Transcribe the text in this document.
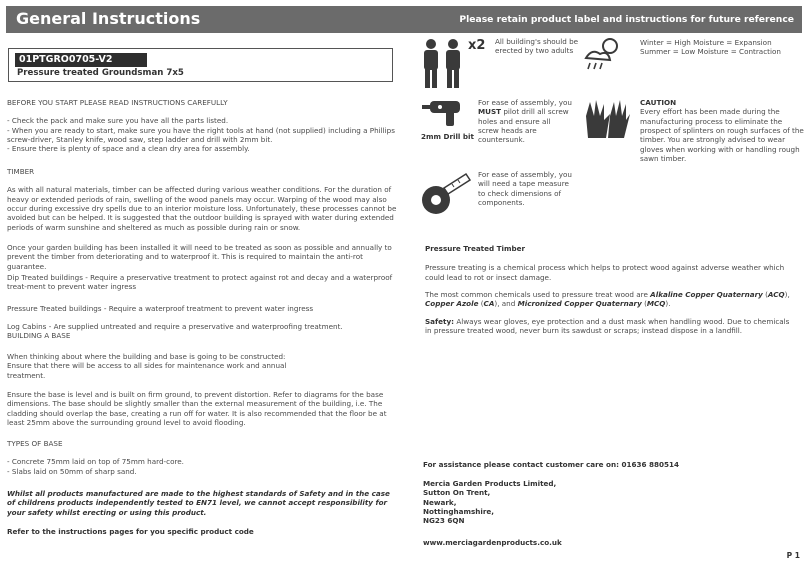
General Instructions	Please retain product label and instructions for future reference
01PTGRO0705-V2
Pressure treated Groundsman 7x5
BEFORE YOU START PLEASE READ INSTRUCTIONS CAREFULLY
- Check the pack and make sure you have all the parts listed.
- When you are ready to start, make sure you have the right tools at hand (not supplied) including a Phillips screw-driver, Stanley knife, wood saw, step ladder and drill with 2mm bit.
- Ensure there is plenty of space and a clean dry area for assembly.
TIMBER

As with all natural materials, timber can be affected during various weather conditions. For the duration of heavy or extended periods of rain, swelling of the wood panels may occur. Warping of the wood may also occur during excessive dry spells due to an interior moisture loss. Unfortunately, these processes cannot be avoided but can be helped. It is suggested that the outdoor building is sprayed with water during extended periods of warm sunshine and sheltered as much as possible during rain or snow.

Once your garden building has been installed it will need to be treated as soon as possible and annually to prevent the timber from deteriorating and to waterproof it. This is required to maintain the anti-rot guarantee.

Dip Treated buildings - Require a preservative treatment to protect against rot and decay and a waterproof treat-ment to prevent water ingress

Pressure Treated buildings - Require a waterproof treatment to prevent water ingress

Log Cabins - Are supplied untreated and require a preservative and waterproofing treatment.

BUILDING A BASE

When thinking about where the building and base is going to be constructed: Ensure that there will be access to all sides for maintenance work and annual treatment.

Ensure the base is level and is built on firm ground, to prevent distortion. Refer to diagrams for the base dimensions. The base should be slightly smaller than the external measurement of the building, i.e. The cladding should overlap the base, creating a run off for water. It is also recommended that the floor be at least 25mm above the surrounding ground level to avoid flooding.

TYPES OF BASE
- Concrete 75mm laid on top of 75mm hard-core.
- Slabs laid on 50mm of sharp sand.

Whilst all products manufactured are made to the highest standards of Safety and in the case of childrens products independently tested to EN71 level, we cannot accept responsibility for your safety whilst erecting or using this product.

Refer to the instructions pages for you specific product code
x2 All building's should be erected by two adults
2mm Drill bit
For ease of assembly, you MUST pilot drill all screw holes and ensure all screw heads are countersunk.
For ease of assembly, you will need a tape measure to check dimensions of components.
Winter = High Moisture = Expansion
Summer = Low Moisture = Contraction
CAUTION
Every effort has been made during the manufacturing process to eliminate the prospect of splinters on rough surfaces of the timber. You are strongly advised to wear gloves when working with or handling rough sawn timber.
Pressure Treated Timber

Pressure treating is a chemical process which helps to protect wood against adverse weather which could lead to rot or insect damage.

The most common chemicals used to pressure treat wood are Alkaline Copper Quaternary (ACQ), Copper Azole (CA), and Micronized Copper Quaternary (MCQ).

Safety: Always wear gloves, eye protection and a dust mask when handling wood. Due to chemicals in pressure treated wood, never burn its sawdust or scraps; instead dispose in a landfill.

For assistance please contact customer care on: 01636 880514
Mercia Garden Products Limited,
Sutton On Trent,
Newark,
Nottinghamshire,
NG23 6QN
www.merciagardenproducts.co.uk
P 1
